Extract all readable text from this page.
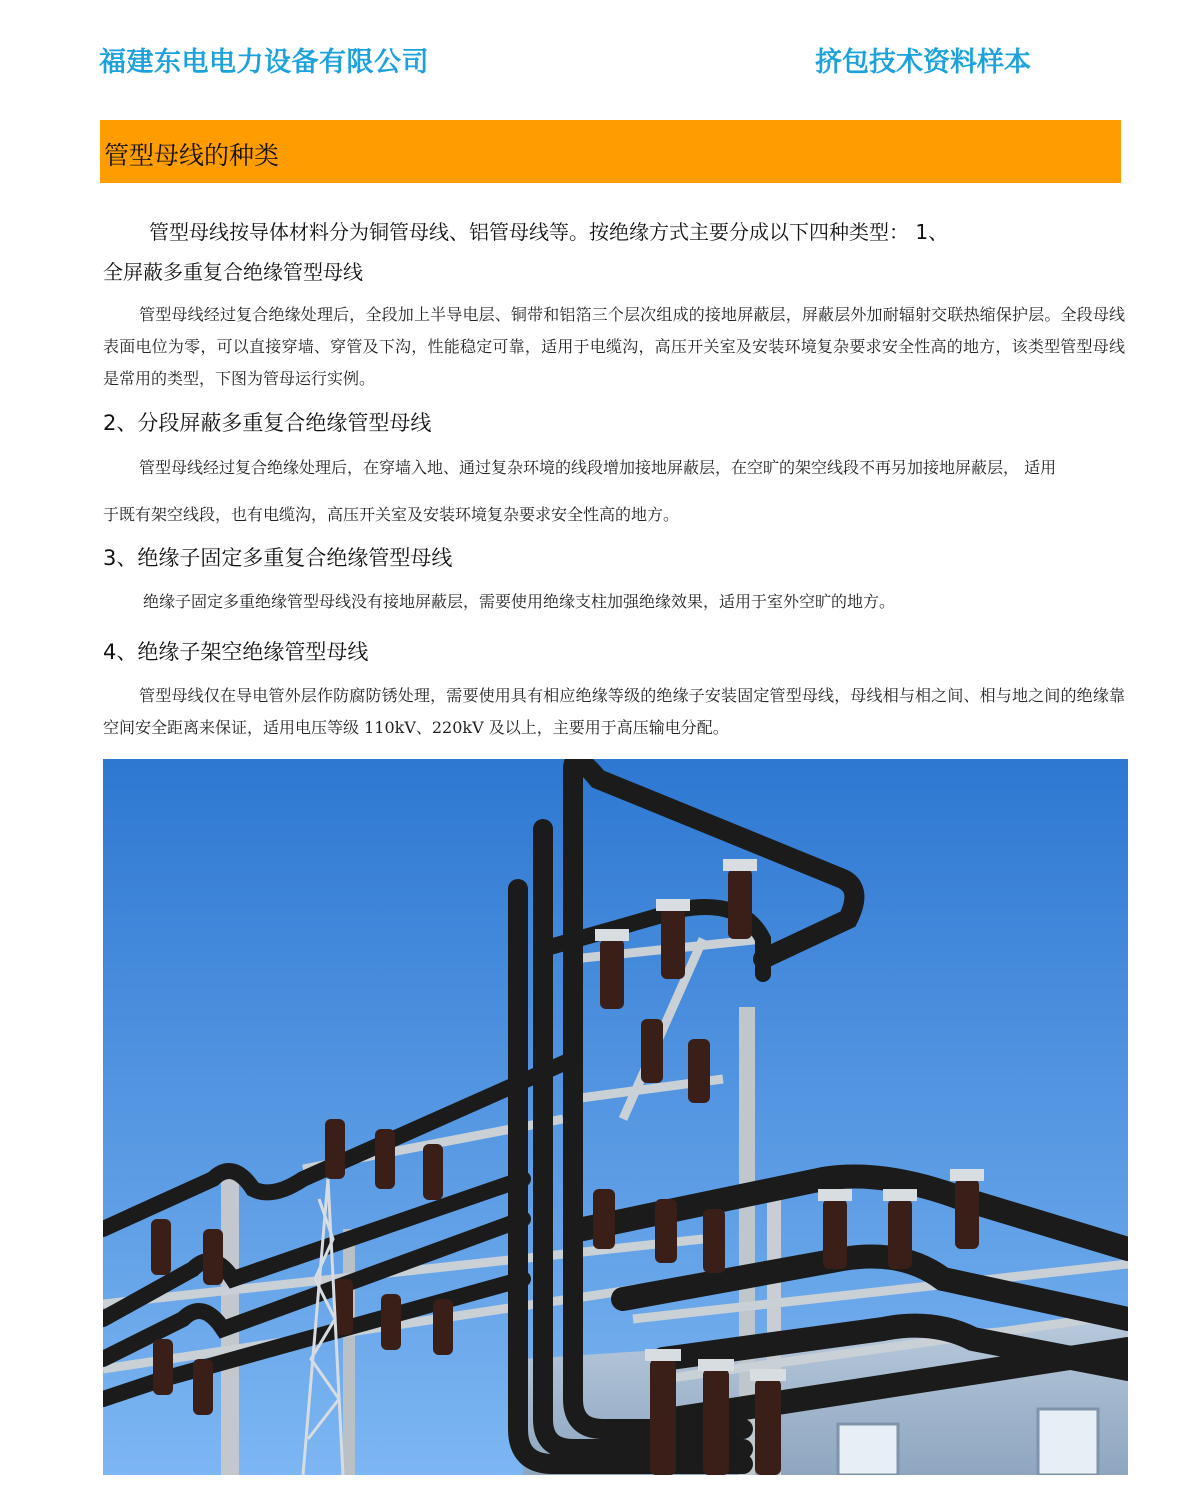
福建东电电力设备有限公司	挤包技术资料样本
管型母线的种类
管型母线按导体材料分为铜管母线、铝管母线等。按绝缘方式主要分成以下四种类型： 1、
全屏蔽多重复合绝缘管型母线
管型母线经过复合绝缘处理后，全段加上半导电层、铜带和铝箔三个层次组成的接地屏蔽层，屏蔽层外加耐辐射交联热缩保护层。全段母线表面电位为零，可以直接穿墙、穿管及下沟，性能稳定可靠，适用于电缆沟，高压开关室及安装环境复杂要求安全性高的地方，该类型管型母线是常用的类型，下图为管母运行实例。
2、分段屏蔽多重复合绝缘管型母线
管型母线经过复合绝缘处理后，在穿墙入地、通过复杂环境的线段增加接地屏蔽层，在空旷的架空线段不再另加接地屏蔽层， 适用
于既有架空线段，也有电缆沟，高压开关室及安装环境复杂要求安全性高的地方。
3、绝缘子固定多重复合绝缘管型母线
绝缘子固定多重绝缘管型母线没有接地屏蔽层，需要使用绝缘支柱加强绝缘效果，适用于室外空旷的地方。
4、绝缘子架空绝缘管型母线
管型母线仅在导电管外层作防腐防锈处理，需要使用具有相应绝缘等级的绝缘子安装固定管型母线，母线相与相之间、相与地之间的绝缘靠空间安全距离来保证，适用电压等级 110kV、220kV 及以上，主要用于高压输电分配。
